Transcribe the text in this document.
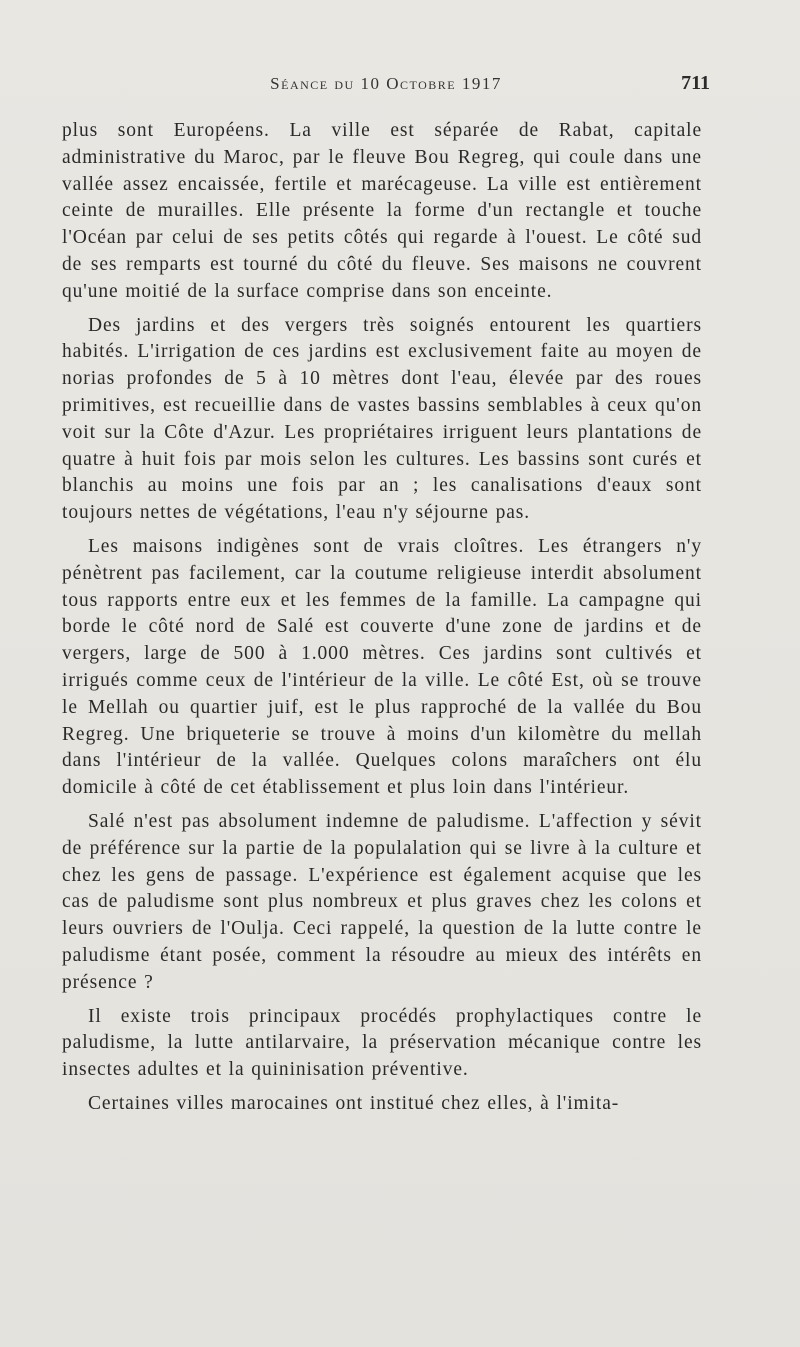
Séance du 10 Octobre 1917	711

plus sont Européens. La ville est séparée de Rabat, capitale administrative du Maroc, par le fleuve Bou Regreg, qui coule dans une vallée assez encaissée, fertile et marécageuse. La ville est entièrement ceinte de murailles. Elle présente la forme d'un rectangle et touche l'Océan par celui de ses petits côtés qui regarde à l'ouest. Le côté sud de ses remparts est tourné du côté du fleuve. Ses maisons ne couvrent qu'une moitié de la surface comprise dans son enceinte.

Des jardins et des vergers très soignés entourent les quartiers habités. L'irrigation de ces jardins est exclusivement faite au moyen de norias profondes de 5 à 10 mètres dont l'eau, élevée par des roues primitives, est recueillie dans de vastes bassins semblables à ceux qu'on voit sur la Côte d'Azur. Les propriétaires irriguent leurs plantations de quatre à huit fois par mois selon les cultures. Les bassins sont curés et blanchis au moins une fois par an ; les canalisations d'eaux sont toujours nettes de végétations, l'eau n'y séjourne pas.

Les maisons indigènes sont de vrais cloîtres. Les étrangers n'y pénètrent pas facilement, car la coutume religieuse interdit absolument tous rapports entre eux et les femmes de la famille. La campagne qui borde le côté nord de Salé est couverte d'une zone de jardins et de vergers, large de 500 à 1.000 mètres. Ces jardins sont cultivés et irrigués comme ceux de l'intérieur de la ville. Le côté Est, où se trouve le Mellah ou quartier juif, est le plus rapproché de la vallée du Bou Regreg. Une briqueterie se trouve à moins d'un kilomètre du mellah dans l'intérieur de la vallée. Quelques colons maraîchers ont élu domicile à côté de cet établissement et plus loin dans l'intérieur.

Salé n'est pas absolument indemne de paludisme. L'affection y sévit de préférence sur la partie de la populalation qui se livre à la culture et chez les gens de passage. L'expérience est également acquise que les cas de paludisme sont plus nombreux et plus graves chez les colons et leurs ouvriers de l'Oulja. Ceci rappelé, la question de la lutte contre le paludisme étant posée, comment la résoudre au mieux des intérêts en présence ?

Il existe trois principaux procédés prophylactiques contre le paludisme, la lutte antilarvaire, la préservation mécanique contre les insectes adultes et la quininisation préventive.

Certaines villes marocaines ont institué chez elles, à l'imita-
